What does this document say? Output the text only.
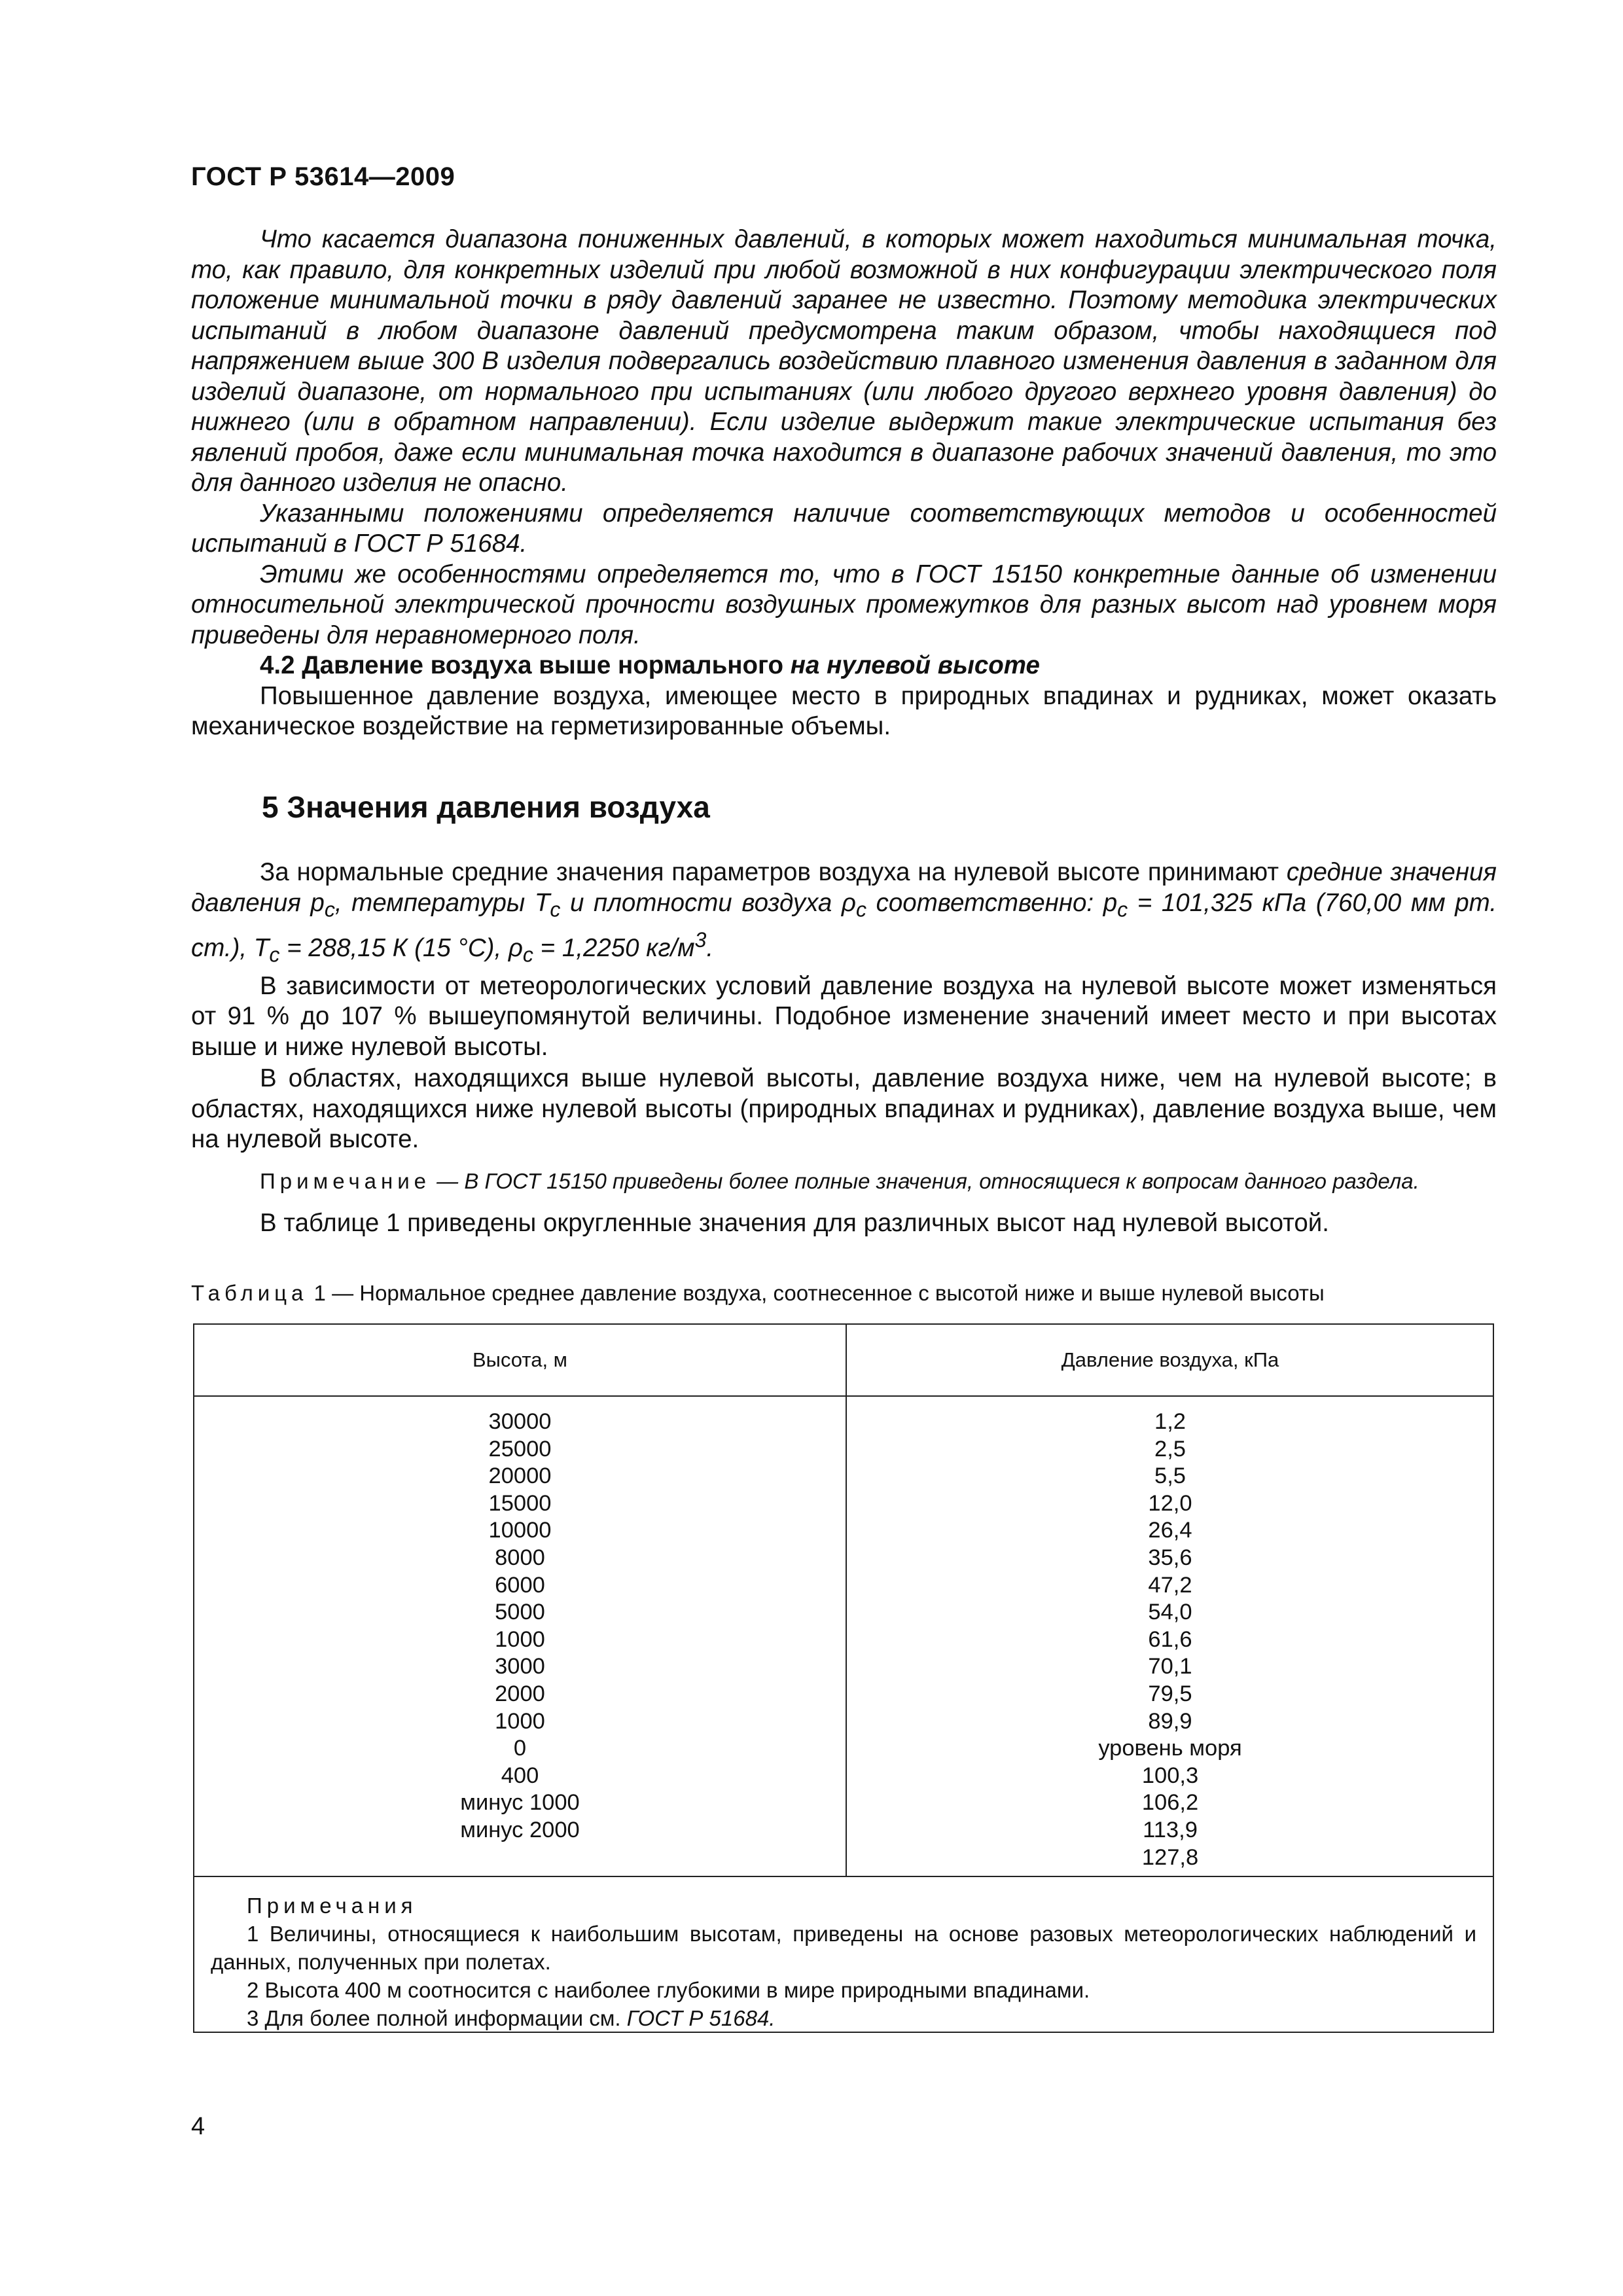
ГОСТ Р 53614—2009

Что касается диапазона пониженных давлений, в которых может находиться минимальная точка, то, как правило, для конкретных изделий при любой возможной в них конфигурации электрического поля положение минимальной точки в ряду давлений заранее не известно. Поэтому методика электрических испытаний в любом диапазоне давлений предусмотрена таким образом, чтобы находящиеся под напряжением выше 300 В изделия подвергались воздействию плавного изменения давления в заданном для изделий диапазоне, от нормального при испытаниях (или любого другого верхнего уровня давления) до нижнего (или в обратном направлении). Если изделие выдержит такие электрические испытания без явлений пробоя, даже если минимальная точка находится в диапазоне рабочих значений давления, то это для данного изделия не опасно.

Указанными положениями определяется наличие соответствующих методов и особенностей испытаний в ГОСТ Р 51684.

Этими же особенностями определяется то, что в ГОСТ 15150 конкретные данные об изменении относительной электрической прочности воздушных промежутков для разных высот над уровнем моря приведены для неравномерного поля.

4.2 Давление воздуха выше нормального на нулевой высоте

Повышенное давление воздуха, имеющее место в природных впадинах и рудниках, может оказать механическое воздействие на герметизированные объемы.

5 Значения давления воздуха

За нормальные средние значения параметров воздуха на нулевой высоте принимают средние значения давления $p_c$, температуры $T_c$ и плотности воздуха $\rho_c$ соответственно: $p_c = 101,325$ кПа (760,00 мм рт. ст.), $T_c = 288,15$ К (15 °С), $\rho_c = 1,2250$ $кг/м^3$.

В зависимости от метеорологических условий давление воздуха на нулевой высоте может изменяться от 91 % до 107 % вышеупомянутой величины. Подобное изменение значений имеет место и при высотах выше и ниже нулевой высоты.

В областях, находящихся выше нулевой высоты, давление воздуха ниже, чем на нулевой высоте; в областях, находящихся ниже нулевой высоты (природных впадинах и рудниках), давление воздуха выше, чем на нулевой высоте.

Примечание — В ГОСТ 15150 приведены более полные значения, относящиеся к вопросам данного раздела.

В таблице 1 приведены округленные значения для различных высот над нулевой высотой.

Таблица 1 — Нормальное среднее давление воздуха, соотнесенное с высотой ниже и выше нулевой высоты
Высота, м	Давление воздуха, кПа
30000
25000
20000
15000
10000
8000
6000
5000
1000
3000
2000
1000
0
400
минус 1000
минус 2000
1,2
2,5
5,5
12,0
26,4
35,6
47,2
54,0
61,6
70,1
79,5
89,9
уровень моря
100,3
106,2
113,9
127,8

Примечания

1 Величины, относящиеся к наибольшим высотам, приведены на основе разовых метеорологических наблюдений и данных, полученных при полетах.

2 Высота 400 м соотносится с наиболее глубокими в мире природными впадинами.

3 Для более полной информации см. ГОСТ Р 51684.

4
